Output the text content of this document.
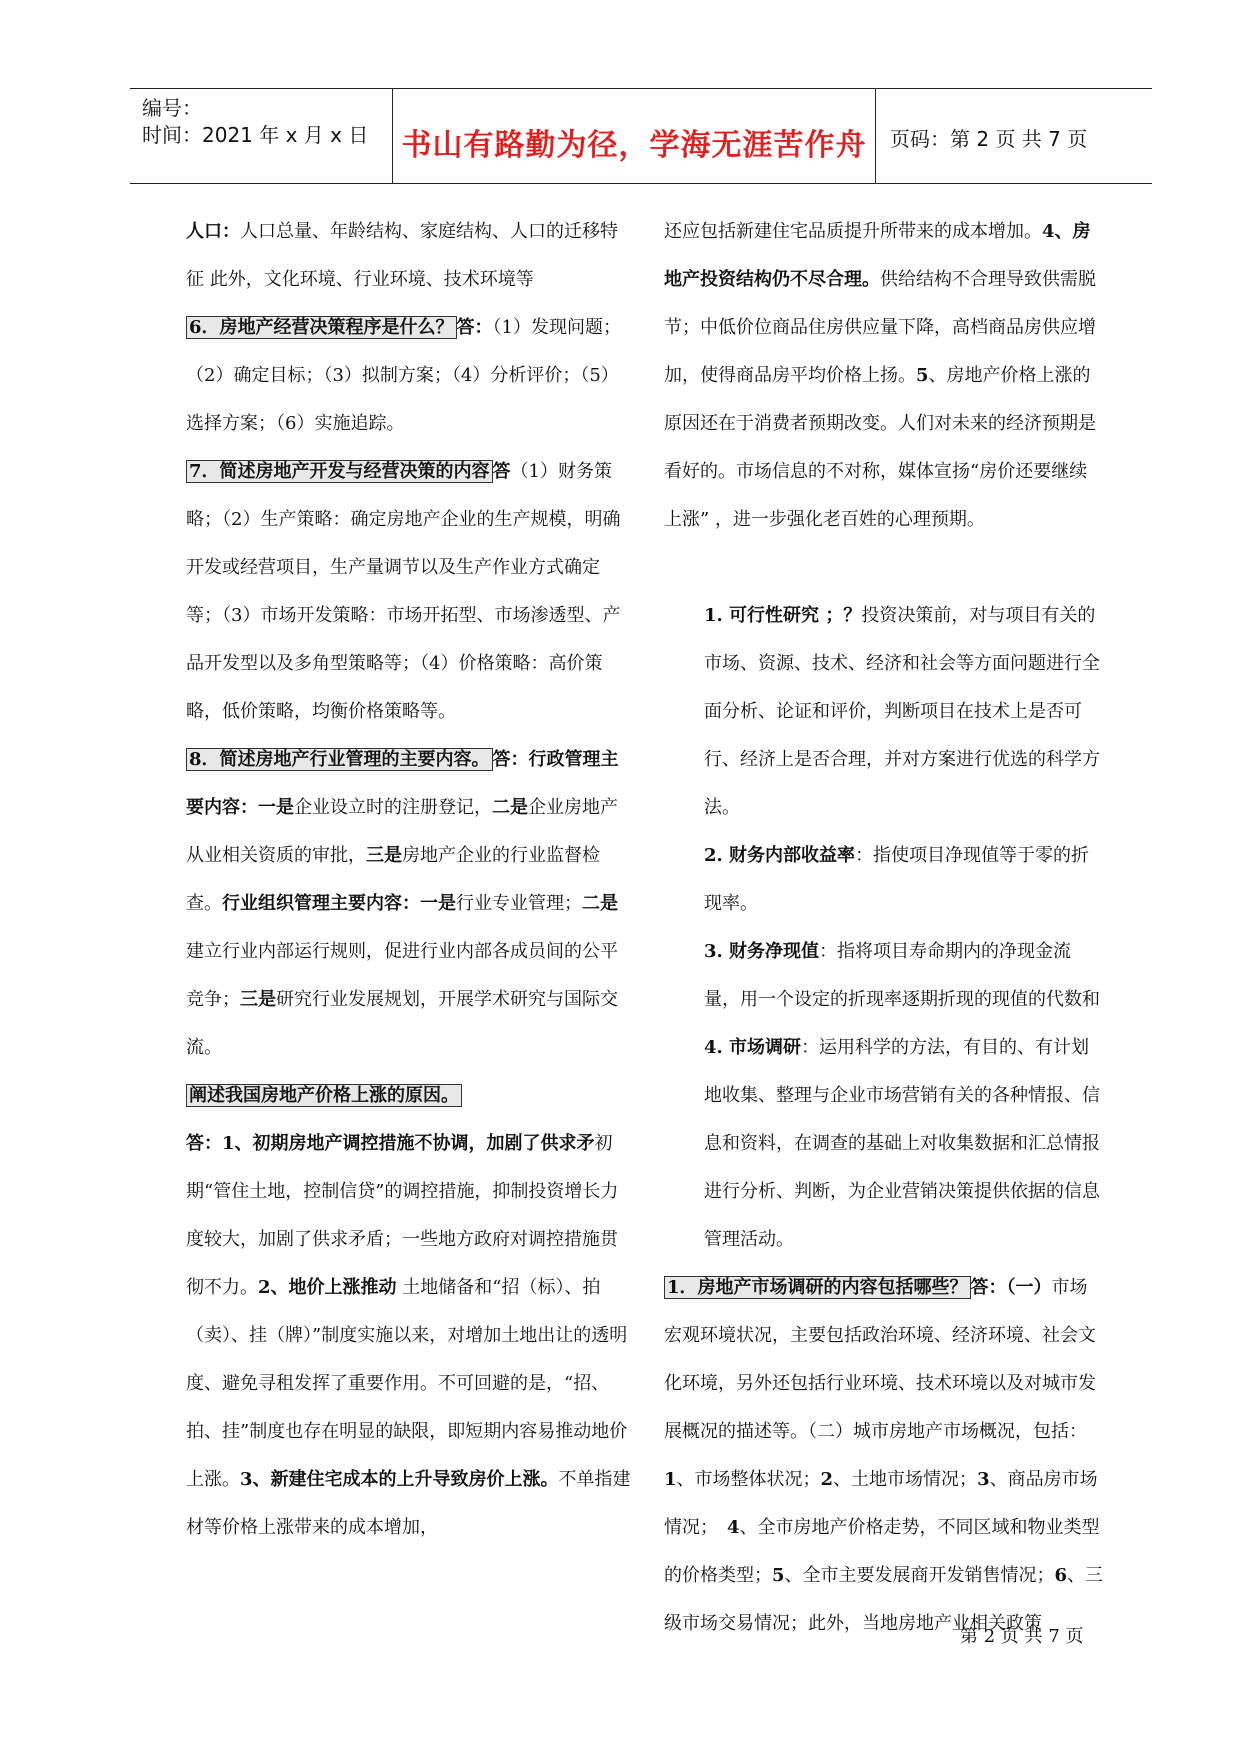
编号：
时间：2021 年 x 月 x 日 书山有路勤为径，学海无涯苦作舟	页码：第 2 页 共 7 页

人口：人口总量、年龄结构、家庭结构、人口的迁移特征 此外，文化环境、行业环境、技术环境等

6．房地产经营决策程序是什么？ 答：（1）发现问题；（2）确定目标；（3）拟制方案；（4）分析评价；（5）选择方案；（6）实施追踪。

7．简述房地产开发与经营决策的内容 答（1）财务策略；（2）生产策略：确定房地产企业的生产规模，明确开发或经营项目，生产量调节以及生产作业方式确定等；（3）市场开发策略：市场开拓型、市场渗透型、产品开发型以及多角型策略等；（4）价格策略：高价策略，低价策略，均衡价格策略等。

8．简述房地产行业管理的主要内容。 答：行政管理主要内容：一是企业设立时的注册登记，二是企业房地产从业相关资质的审批，三是房地产企业的行业监督检查。行业组织管理主要内容：一是行业专业管理；二是建立行业内部运行规则，促进行业内部各成员间的公平竞争；三是研究行业发展规划，开展学术研究与国际交流。

阐述我国房地产价格上涨的原因。

答：1、初期房地产调控措施不协调，加剧了供求矛初期“管住土地，控制信贷”的调控措施，抑制投资增长力度较大，加剧了供求矛盾；一些地方政府对调控措施贯彻不力。2、地价上涨推动 土地储备和“招（标）、拍（卖）、挂（牌）”制度实施以来，对增加土地出让的透明度、避免寻租发挥了重要作用。不可回避的是，“招、拍、挂”制度也存在明显的缺限，即短期内容易推动地价上涨。3、新建住宅成本的上升导致房价上涨。不单指建材等价格上涨带来的成本增加，

还应包括新建住宅品质提升所带来的成本增加。4、房地产投资结构仍不尽合理。供给结构不合理导致供需脱节；中低价位商品住房供应量下降，高档商品房供应增加，使得商品房平均价格上扬。5、房地产价格上涨的原因还在于消费者预期改变。人们对未来的经济预期是看好的。市场信息的不对称，媒体宣扬“房价还要继续上涨” ，进一步强化老百姓的心理预期。

1. 可行性研究 ；？投资决策前，对与项目有关的市场、资源、技术、经济和社会等方面问题进行全面分析、论证和评价，判断项目在技术上是否可行、经济上是否合理，并对方案进行优选的科学方法。

2. 财务内部收益率：指使项目净现值等于零的折现率。

3. 财务净现值：指将项目寿命期内的净现金流量，用一个设定的折现率逐期折现的现值的代数和

4. 市场调研：运用科学的方法，有目的、有计划地收集、整理与企业市场营销有关的各种情报、信息和资料，在调查的基础上对收集数据和汇总情报进行分析、判断，为企业营销决策提供依据的信息管理活动。

1．房地产市场调研的内容包括哪些？ 答：（一）市场宏观环境状况，主要包括政治环境、经济环境、社会文化环境，另外还包括行业环境、技术环境以及对城市发展概况的描述等。（二）城市房地产市场概况，包括：1、市场整体状况；2、土地市场情况；3、商品房市场情况；　4、全市房地产价格走势，不同区域和物业类型的价格类型；5、全市主要发展商开发销售情况；6、三级市场交易情况；此外，当地房地产业相关政策

第 2 页 共 7 页
